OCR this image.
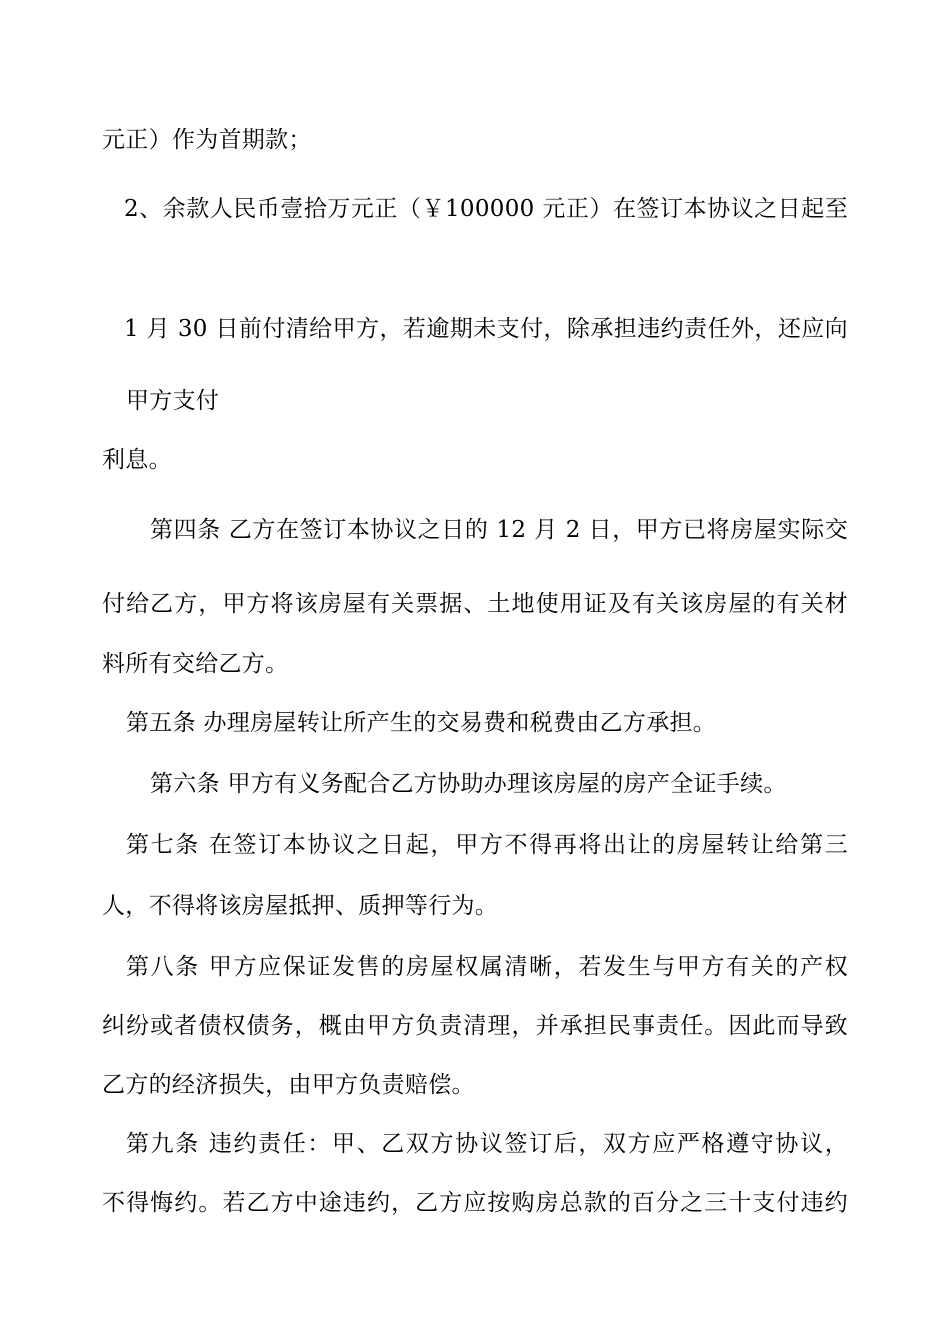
元正）作为首期款；
2、余款人民币壹拾万元正（￥100000 元正）在签订本协议之日起至
1 月 30 日前付清给甲方，若逾期未支付，除承担违约责任外，还应向
甲方支付
利息。
第四条 乙方在签订本协议之日的 12 月 2 日，甲方已将房屋实际交
付给乙方，甲方将该房屋有关票据、土地使用证及有关该房屋的有关材
料所有交给乙方。
第五条 办理房屋转让所产生的交易费和税费由乙方承担。
第六条 甲方有义务配合乙方协助办理该房屋的房产全证手续。
第七条 在签订本协议之日起，甲方不得再将出让的房屋转让给第三
人，不得将该房屋抵押、质押等行为。
第八条 甲方应保证发售的房屋权属清晰，若发生与甲方有关的产权
纠纷或者债权债务，概由甲方负责清理，并承担民事责任。因此而导致
乙方的经济损失，由甲方负责赔偿。
第九条 违约责任：甲、乙双方协议签订后，双方应严格遵守协议，
不得悔约。若乙方中途违约，乙方应按购房总款的百分之三十支付违约
